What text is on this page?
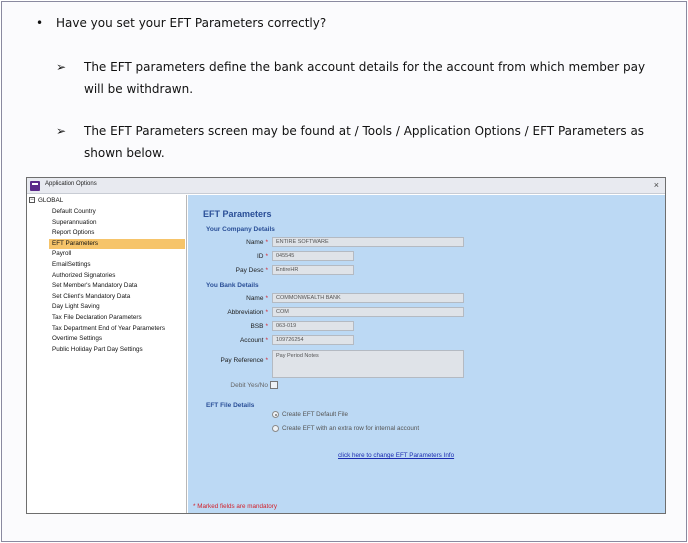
• Have you set your EFT Parameters correctly?
➢ The EFT parameters define the bank account details for the account from which member pay will be withdrawn.
➢ The EFT Parameters screen may be found at / Tools / Application Options / EFT Parameters as shown below.
Application Options	×
− GLOBAL
Default Country
Superannuation
Report Options
EFT Parameters
Payroll
EmailSettings
Authorized Signatories
Set Member's Mandatory Data
Set Client's Mandatory Data
Day Light Saving
Tax File Declaration Parameters
Tax Department End of Year Parameters
Overtime Settings
Public Holiday Part Day Settings
EFT Parameters
Your Company Details
Name *	ENTIRE SOFTWARE
ID *	045545
Pay Desc *	EntireHR
You Bank Details
Name *	COMMONWEALTH BANK
Abbreviation *	COM
BSB *	063-019
Account *	109726254
Pay Reference *
Pay Period Notes
Debit Yes/No
EFT File Details
Create EFT Default File
Create EFT with an extra row for internal account
click here to change EFT Parameters Info
* Marked fields are mandatory
